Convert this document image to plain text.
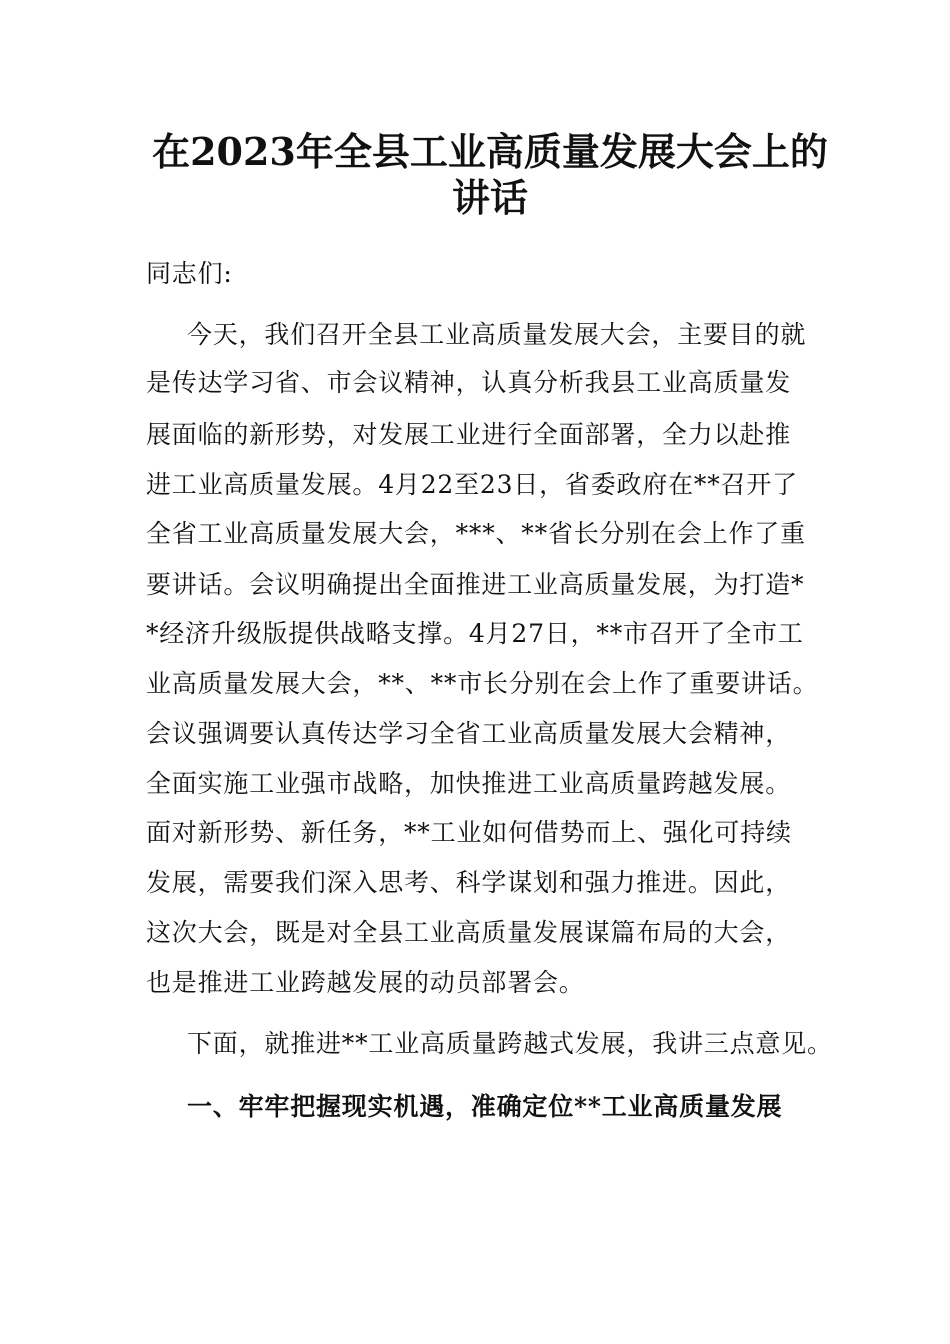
在2023年全县工业高质量发展大会上的
讲话
同志们:
今天，我们召开全县工业高质量发展大会，主要目的就
是传达学习省、市会议精神，认真分析我县工业高质量发
展面临的新形势，对发展工业进行全面部署，全力以赴推
进工业高质量发展。4月22至23日，省委政府在**召开了
全省工业高质量发展大会，***、**省长分别在会上作了重
要讲话。会议明确提出全面推进工业高质量发展，为打造*
*经济升级版提供战略支撑。4月27日，**市召开了全市工
业高质量发展大会，**、**市长分别在会上作了重要讲话。
会议强调要认真传达学习全省工业高质量发展大会精神，
全面实施工业强市战略，加快推进工业高质量跨越发展。
面对新形势、新任务，**工业如何借势而上、强化可持续
发展，需要我们深入思考、科学谋划和强力推进。因此，
这次大会，既是对全县工业高质量发展谋篇布局的大会，
也是推进工业跨越发展的动员部署会。
下面，就推进**工业高质量跨越式发展，我讲三点意见。
一、牢牢把握现实机遇，准确定位**工业高质量发展
